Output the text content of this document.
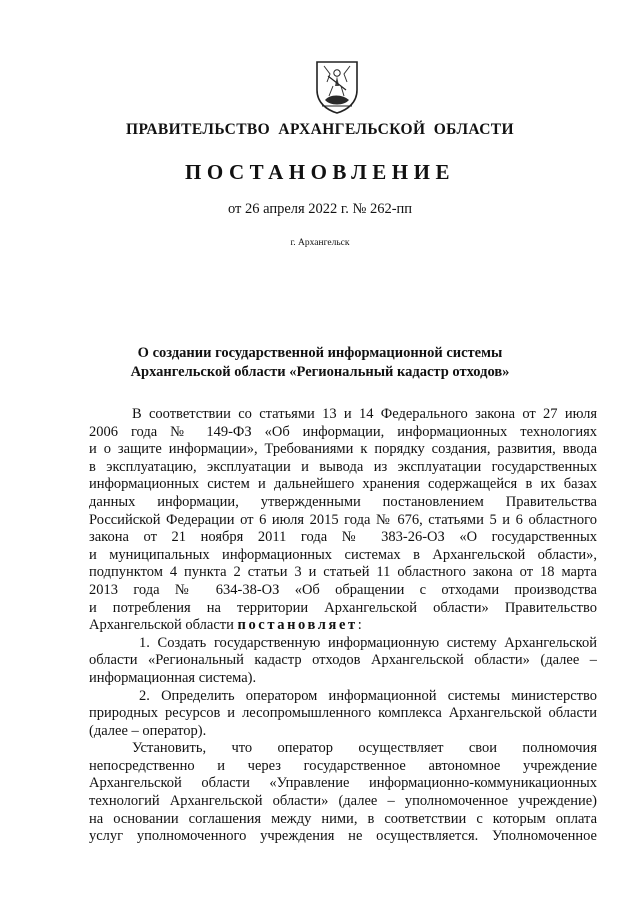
ПРАВИТЕЛЬСТВО АРХАНГЕЛЬСКОЙ ОБЛАСТИ
ПОСТАНОВЛЕНИЕ
от 26 апреля 2022 г. № 262-пп
г. Архангельск
О создании государственной информационной системы
Архангельской области «Региональный кадастр отходов»
В соответствии со статьями 13 и 14 Федерального закона от 27 июля
2006 года № 149-ФЗ «Об информации, информационных технологиях
и о защите информации», Требованиями к порядку создания, развития, ввода
в эксплуатацию, эксплуатации и вывода из эксплуатации государственных
информационных систем и дальнейшего хранения содержащейся в их базах
данных информации, утвержденными постановлением Правительства
Российской Федерации от 6 июля 2015 года № 676, статьями 5 и 6 областного
закона от 21 ноября 2011 года № 383-26-ОЗ «О государственных
и муниципальных информационных системах в Архангельской области»,
подпунктом 4 пункта 2 статьи 3 и статьей 11 областного закона от 18 марта
2013 года № 634-38-ОЗ «Об обращении с отходами производства
и потребления на территории Архангельской области» Правительство
Архангельской области постановляет:
1. Создать государственную информационную систему Архангельской
области «Региональный кадастр отходов Архангельской области» (далее –
информационная система).
2. Определить оператором информационной системы министерство
природных ресурсов и лесопромышленного комплекса Архангельской области
(далее – оператор).
Установить, что оператор осуществляет свои полномочия
непосредственно и через государственное автономное учреждение
Архангельской области «Управление информационно-коммуникационных
технологий Архангельской области» (далее – уполномоченное учреждение)
на основании соглашения между ними, в соответствии с которым оплата
услуг уполномоченного учреждения не осуществляется. Уполномоченное
